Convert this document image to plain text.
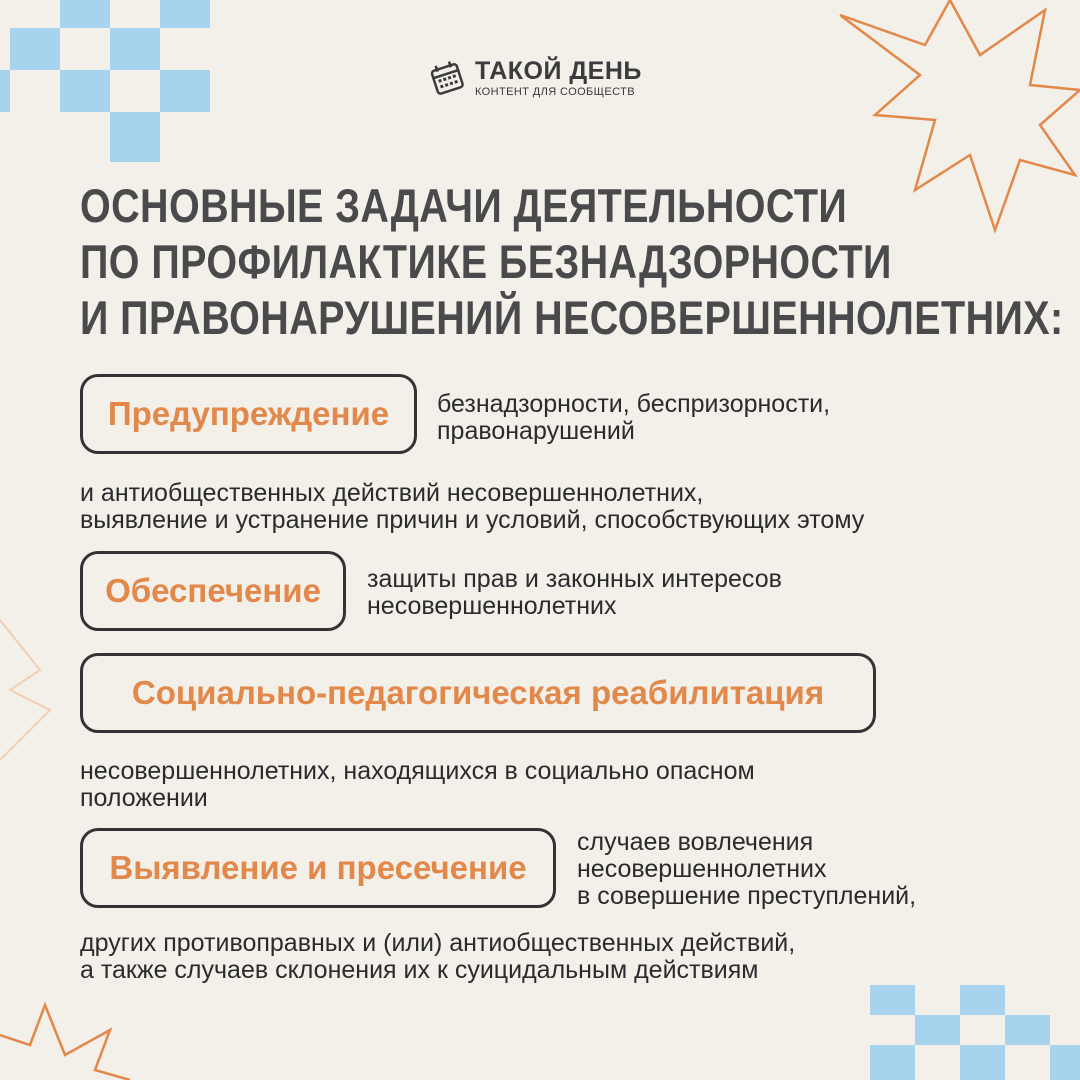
ТАКОЙ ДЕНЬ
КОНТЕНТ ДЛЯ СООБЩЕСТВ
ОСНОВНЫЕ ЗАДАЧИ ДЕЯТЕЛЬНОСТИ
ПО ПРОФИЛАКТИКЕ БЕЗНАДЗОРНОСТИ
И ПРАВОНАРУШЕНИЙ НЕСОВЕРШЕННОЛЕТНИХ:
Предупреждение	безнадзорности, беспризорности,
правонарушений
и антиобщественных действий несовершеннолетних,
выявление и устранение причин и условий, способствующих этому
Обеспечение	защиты прав и законных интересов
несовершеннолетних
Социально-педагогическая реабилитация
несовершеннолетних, находящихся в социально опасном
положении
Выявление и пресечение
случаев вовлечения
несовершеннолетних
в совершение преступлений,
других противоправных и (или) антиобщественных действий,
а также случаев склонения их к суицидальным действиям
